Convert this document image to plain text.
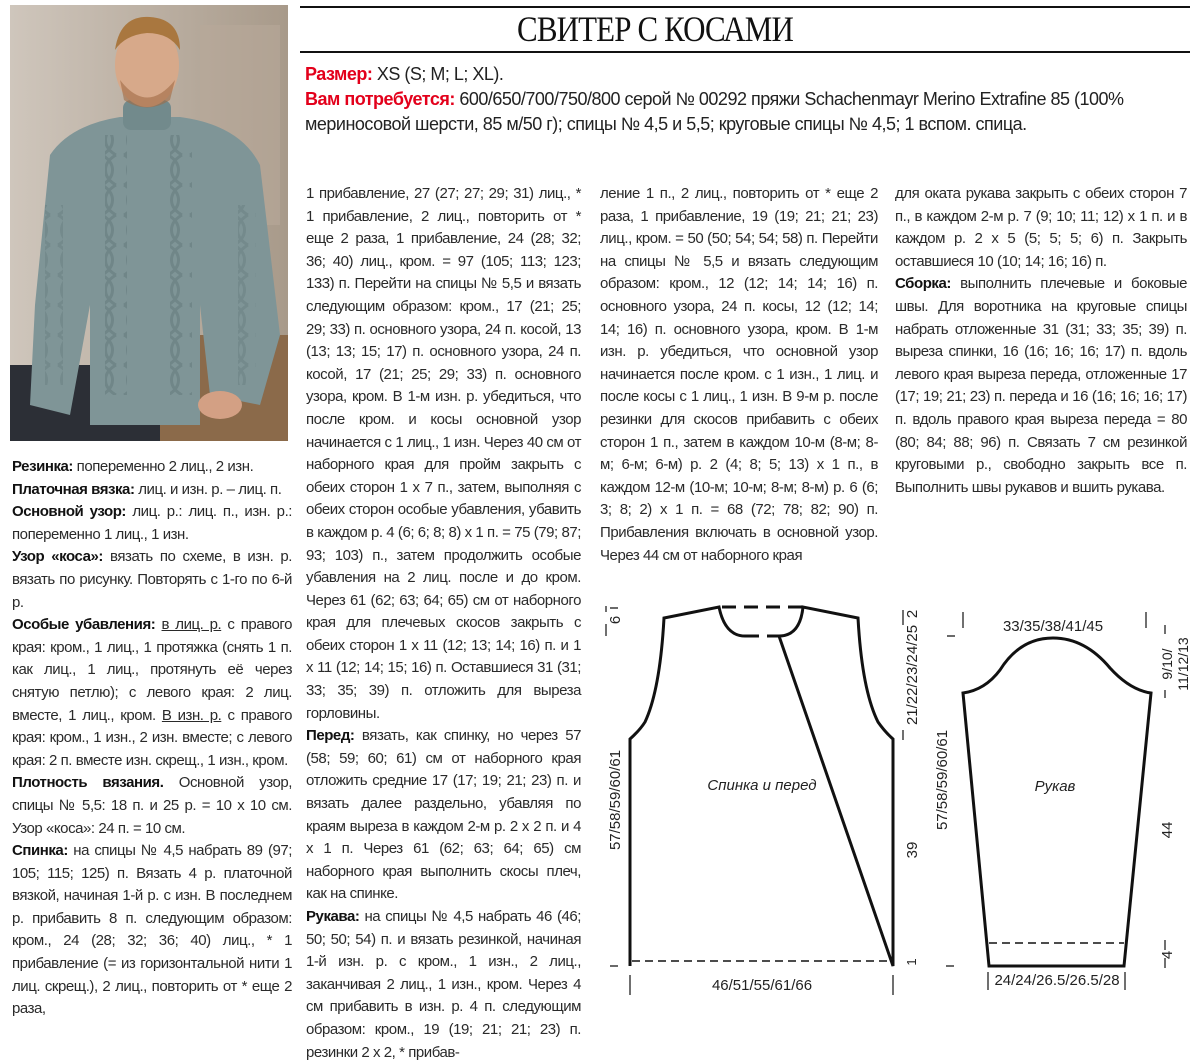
СВИТЕР С КОСАМИ
Размер: XS (S; M; L; XL).
Вам потребуется: 600/650/700/750/800 серой № 00292 пряжи Schachenmayr Merino Extrafine 85 (100% мериносовой шерсти, 85 м/50 г); спицы № 4,5 и 5,5; круговые спицы № 4,5; 1 вспом. спица.

Резинка: попеременно 2 лиц., 2 изн.

Платочная вязка: лиц. и изн. р. – лиц. п.

Основной узор: лиц. р.: лиц. п., изн. р.: попеременно 1 лиц., 1 изн.

Узор «коса»: вязать по схеме, в изн. р. вязать по рисунку. Повторять с 1-го по 6-й р.

Особые убавления: в лиц. р. с правого края: кром., 1 лиц., 1 протяжка (снять 1 п. как лиц., 1 лиц., протянуть её через снятую петлю); с левого края: 2 лиц. вместе, 1 лиц., кром. В изн. р. с правого края: кром., 1 изн., 2 изн. вместе; с левого края: 2 п. вместе изн. скрещ., 1 изн., кром.

Плотность вязания. Основной узор, спицы № 5,5: 18 п. и 25 р. = 10 х 10 см. Узор «коса»: 24 п. = 10 см.

Спинка: на спицы № 4,5 набрать 89 (97; 105; 115; 125) п. Вязать 4 р. платочной вязкой, начиная 1-й р. с изн. В последнем р. прибавить 8 п. следующим образом: кром., 24 (28; 32; 36; 40) лиц., * 1 прибавление (= из горизонтальной нити 1 лиц. скрещ.), 2 лиц., повторить от * еще 2 раза,

1 прибавление, 27 (27; 27; 29; 31) лиц., * 1 прибавление, 2 лиц., повторить от * еще 2 раза, 1 прибавление, 24 (28; 32; 36; 40) лиц., кром. = 97 (105; 113; 123; 133) п. Перейти на спицы № 5,5 и вязать следующим образом: кром., 17 (21; 25; 29; 33) п. основного узора, 24 п. косой, 13 (13; 13; 15; 17) п. основного узора, 24 п. косой, 17 (21; 25; 29; 33) п. основного узора, кром. В 1-м изн. р. убедиться, что после кром. и косы основной узор начинается с 1 лиц., 1 изн. Через 40 см от наборного края для пройм закрыть с обеих сторон 1 х 7 п., затем, выполняя с обеих сторон особые убавления, убавить в каждом р. 4 (6; 6; 8; 8) х 1 п. = 75 (79; 87; 93; 103) п., затем продолжить особые убавления на 2 лиц. после и до кром. Через 61 (62; 63; 64; 65) см от наборного края для плечевых скосов закрыть с обеих сторон 1 х 11 (12; 13; 14; 16) п. и 1 х 11 (12; 14; 15; 16) п. Оставшиеся 31 (31; 33; 35; 39) п. отложить для выреза горловины.

Перед: вязать, как спинку, но через 57 (58; 59; 60; 61) см от наборного края отложить средние 17 (17; 19; 21; 23) п. и вязать далее раздельно, убавляя по краям выреза в каждом 2-м р. 2 х 2 п. и 4 х 1 п. Через 61 (62; 63; 64; 65) см наборного края выполнить скосы плеч, как на спинке.

Рукава: на спицы № 4,5 набрать 46 (46; 50; 50; 54) п. и вязать резинкой, начиная 1-й изн. р. с кром., 1 изн., 2 лиц., заканчивая 2 лиц., 1 изн., кром. Через 4 см прибавить в изн. р. 4 п. следующим образом: кром., 19 (19; 21; 21; 23) п. резинки 2 х 2, * прибав-

ление 1 п., 2 лиц., повторить от * еще 2 раза, 1 прибавление, 19 (19; 21; 21; 23) лиц., кром. = 50 (50; 54; 54; 58) п. Перейти на спицы № 5,5 и вязать следующим образом: кром., 12 (12; 14; 14; 16) п. основного узора, 24 п. косы, 12 (12; 14; 14; 16) п. основного узора, кром. В 1-м изн. р. убедиться, что основной узор начинается после кром. с 1 изн., 1 лиц. и после косы с 1 лиц., 1 изн. В 9-м р. после резинки для скосов прибавить с обеих сторон 1 п., затем в каждом 10-м (8-м; 8-м; 6-м; 6-м) р. 2 (4; 8; 5; 13) х 1 п., в каждом 12-м (10-м; 10-м; 8-м; 8-м) р. 6 (6; 3; 8; 2) х 1 п. = 68 (72; 78; 82; 90) п. Прибавления включать в основной узор. Через 44 см от наборного края

для оката рукава закрыть с обеих сторон 7 п., в каждом 2-м р. 7 (9; 10; 11; 12) х 1 п. и в каждом р. 2 х 5 (5; 5; 5; 6) п. Закрыть оставшиеся 10 (10; 14; 16; 16) п.

Сборка: выполнить плечевые и боковые швы. Для воротника на круговые спицы набрать отложенные 31 (31; 33; 35; 39) п. выреза спинки, 16 (16; 16; 16; 17) п. вдоль левого края выреза переда, отложенные 17 (17; 19; 21; 23) п. переда и 16 (16; 16; 16; 17) п. вдоль правого края выреза переда = 80 (80; 84; 88; 96) п. Связать 7 см резинкой круговыми р., свободно закрыть все п. Выполнить швы рукавов и вшить рукава.

Спинка и перед
6
57/58/59/60/61
2
21/22/23/24/25
39
1
46/51/55/61/66
Рукав
33/35/38/41/45
9/10/ 11/12/13
57/58/59/60/61	44
4
24/24/26.5/26.5/28
